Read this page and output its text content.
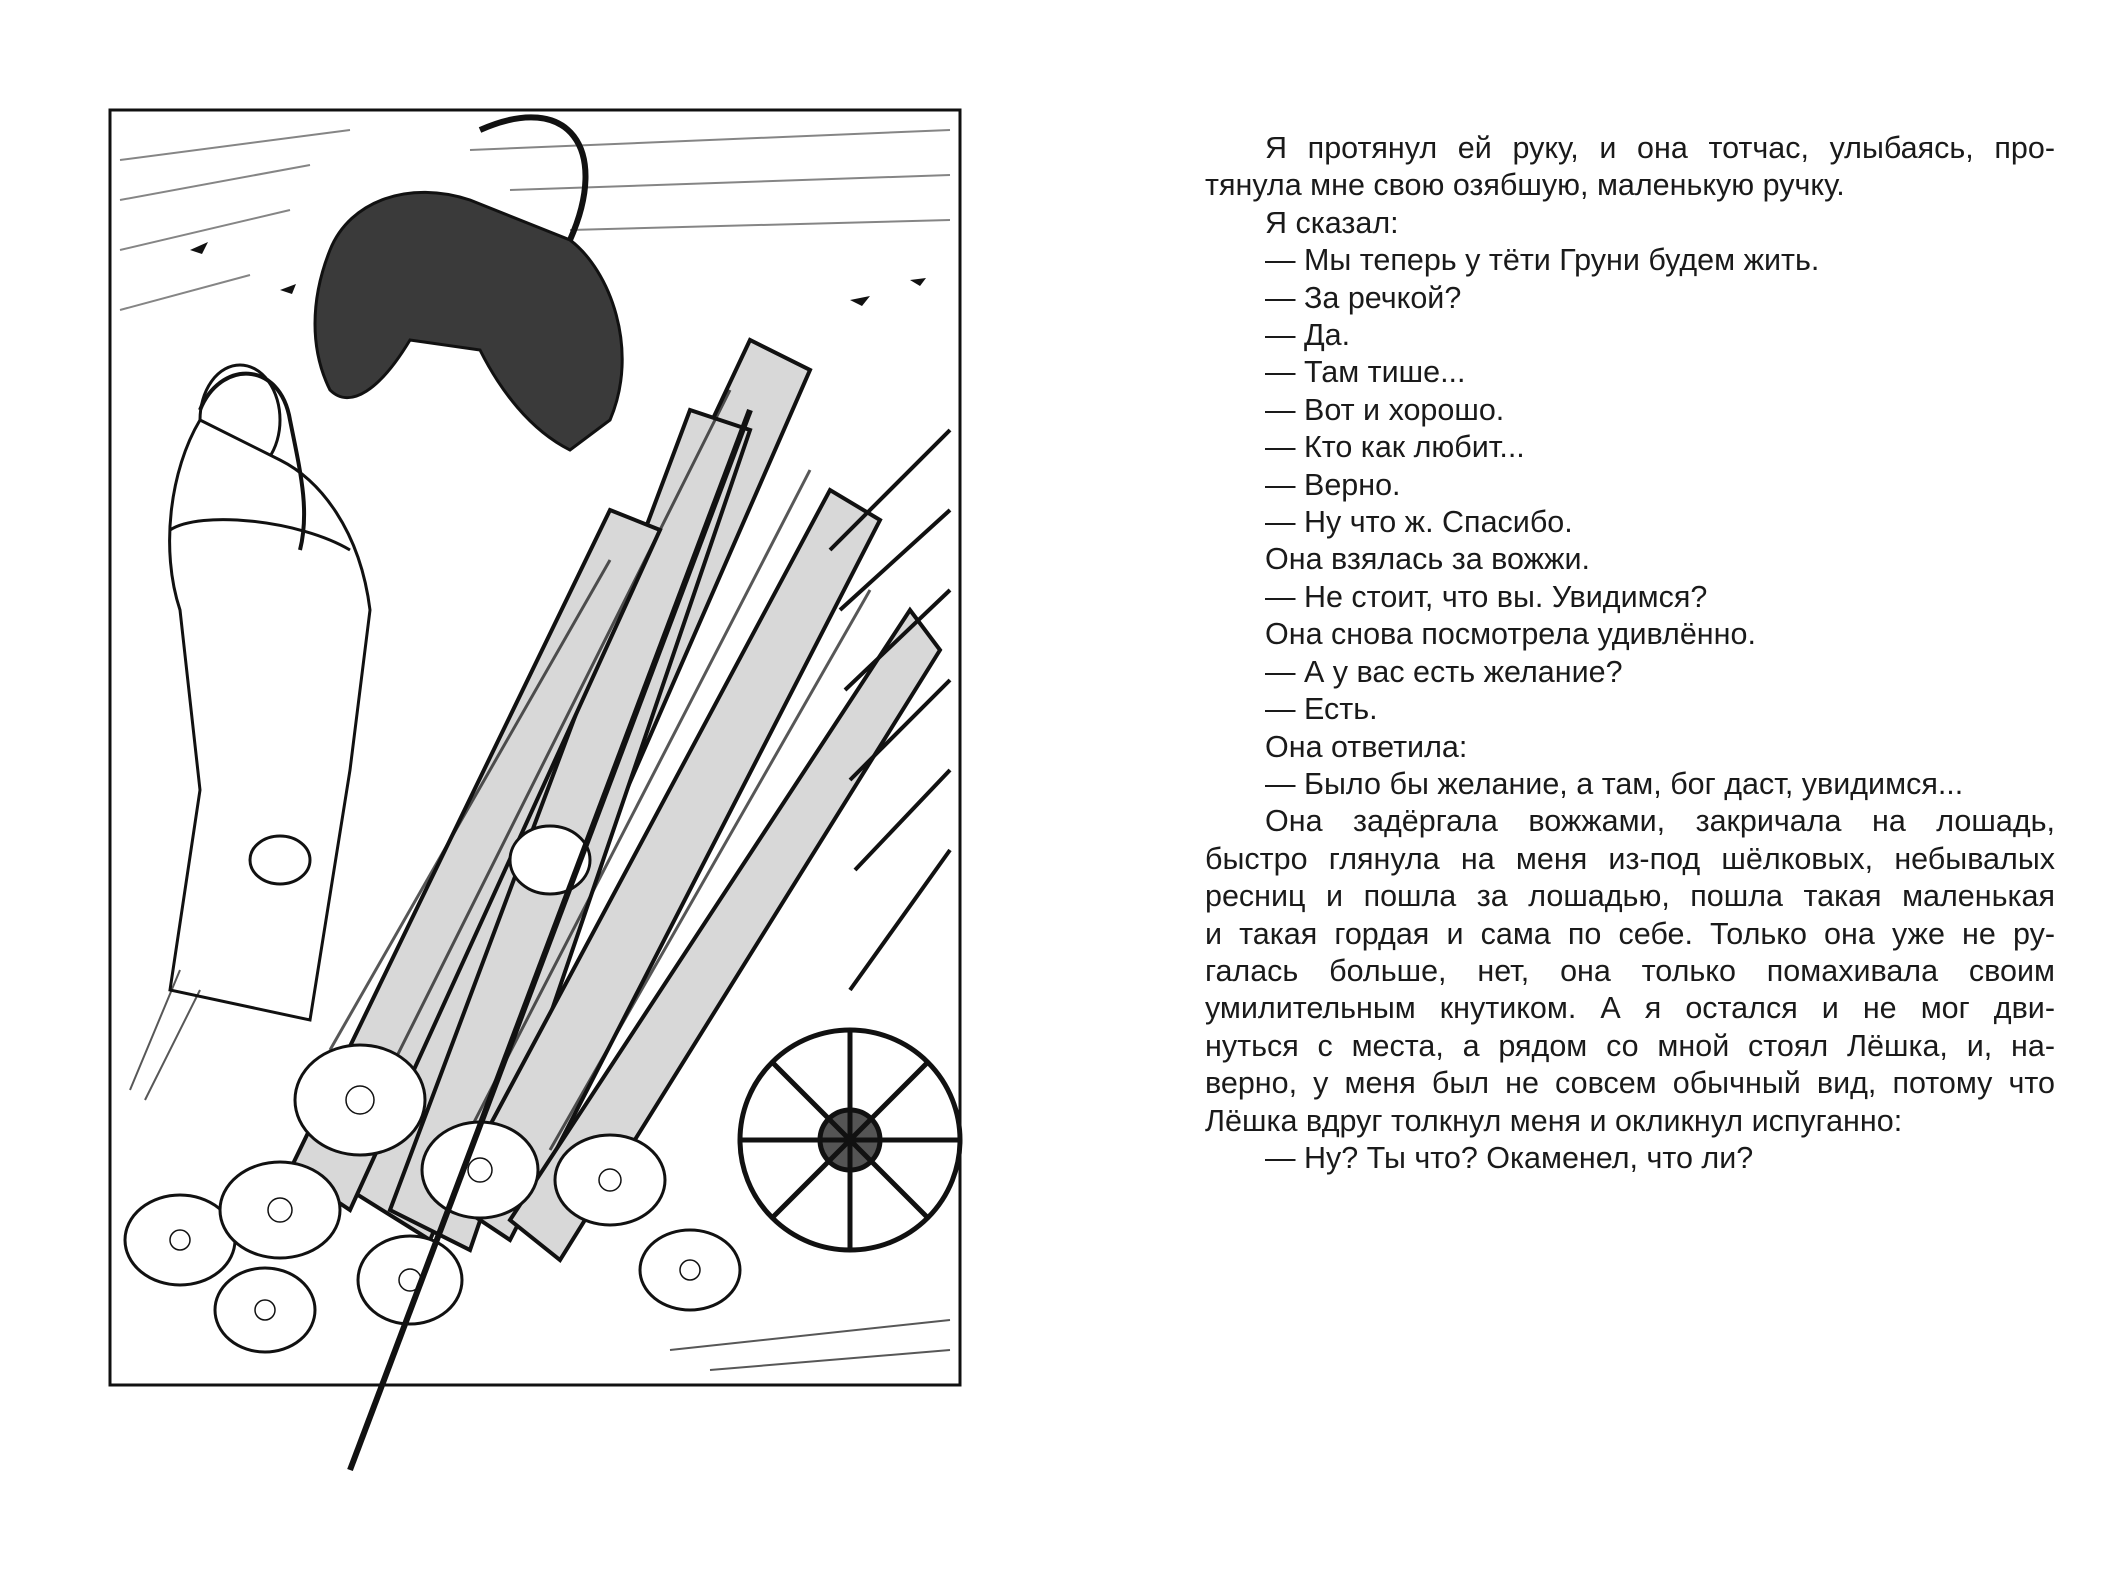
Я протянул ей руку, и она тотчас, улыбаясь, про-
тянула мне свою озябшую, маленькую ручку.

Я сказал:

— Мы теперь у тёти Груни будем жить.

— За речкой?

— Да.

— Там тише...

— Вот и хорошо.

— Кто как любит...

— Верно.

— Ну что ж. Спасибо.

Она взялась за вожжи.

— Не стоит, что вы. Увидимся?

Она снова посмотрела удивлённо.

— А у вас есть желание?

— Есть.

Она ответила:

— Было бы желание, а там, бог даст, увидимся...

Она задёргала вожжами, закричала на лошадь,
быстро глянула на меня из-под шёлковых, небывалых
ресниц и пошла за лошадью, пошла такая маленькая
и такая гордая и сама по себе. Только она уже не ру-
галась больше, нет, она только помахивала своим
умилительным кнутиком. А я остался и не мог дви-
нуться с места, а рядом со мной стоял Лёшка, и, на-
верно, у меня был не совсем обычный вид, потому что
Лёшка вдруг толкнул меня и окликнул испуганно:

— Ну? Ты что? Окаменел, что ли?
